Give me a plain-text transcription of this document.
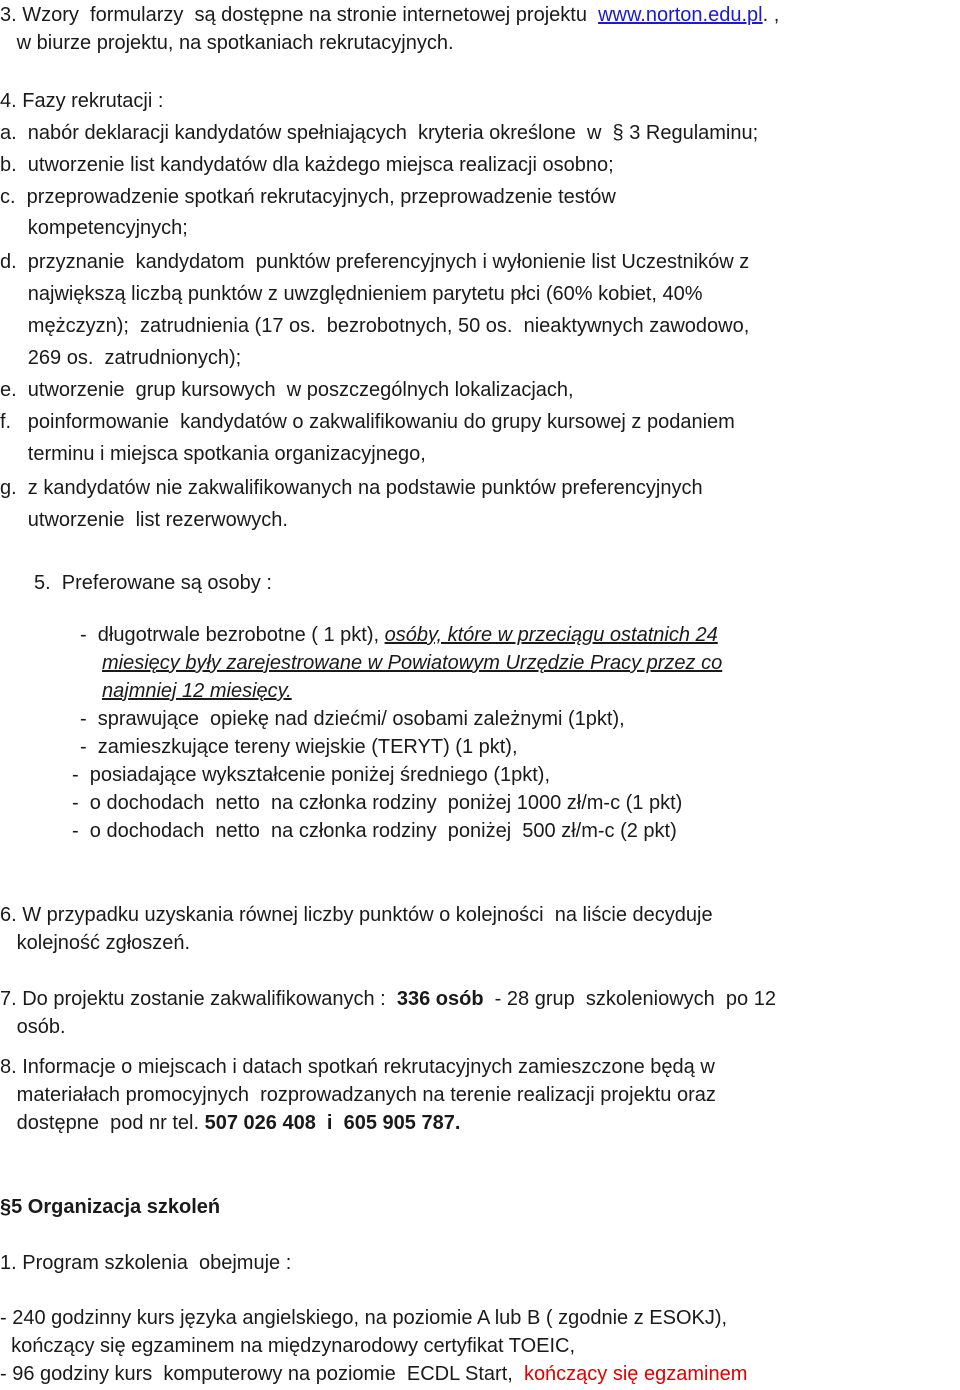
3. Wzory  formularzy  są dostępne na stronie internetowej projektu  www.norton.edu.pl. ,
w biurze projektu, na spotkaniach rekrutacyjnych.
4. Fazy rekrutacji :
a.  nabór deklaracji kandydatów spełniających  kryteria określone  w  § 3 Regulaminu;
b.  utworzenie list kandydatów dla każdego miejsca realizacji osobno;
c.  przeprowadzenie spotkań rekrutacyjnych, przeprowadzenie testów
kompetencyjnych;
d.  przyznanie  kandydatom  punktów preferencyjnych i wyłonienie list Uczestników z
największą liczbą punktów z uwzględnieniem parytetu płci (60% kobiet, 40%
mężczyzn);  zatrudnienia (17 os.  bezrobotnych, 50 os.  nieaktywnych zawodowo,
269 os.  zatrudnionych);
e.  utworzenie  grup kursowych  w poszczególnych lokalizacjach,
f.   poinformowanie  kandydatów o zakwalifikowaniu do grupy kursowej z podaniem
terminu i miejsca spotkania organizacyjnego,
g.  z kandydatów nie zakwalifikowanych na podstawie punktów preferencyjnych
utworzenie  list rezerwowych.
5.  Preferowane są osoby :
-  długotrwale bezrobotne ( 1 pkt), osóby, które w przeciągu ostatnich 24
miesięcy były zarejestrowane w Powiatowym Urzędzie Pracy przez co
najmniej 12 miesięcy.
-  sprawujące  opiekę nad dziećmi/ osobami zależnymi (1pkt),
-  zamieszkujące tereny wiejskie (TERYT) (1 pkt),
-  posiadające wykształcenie poniżej średniego (1pkt),
-  o dochodach  netto  na członka rodziny  poniżej 1000 zł/m-c (1 pkt)
-  o dochodach  netto  na członka rodziny  poniżej  500 zł/m-c (2 pkt)
6. W przypadku uzyskania równej liczby punktów o kolejności  na liście decyduje
kolejność zgłoszeń.
7. Do projektu zostanie zakwalifikowanych :  336 osób  - 28 grup  szkoleniowych  po 12
osób.
8. Informacje o miejscach i datach spotkań rekrutacyjnych zamieszczone będą w
materiałach promocyjnych  rozprowadzanych na terenie realizacji projektu oraz
dostępne  pod nr tel. 507 026 408  i  605 905 787.
§5 Organizacja szkoleń
1. Program szkolenia  obejmuje :
- 240 godzinny kurs języka angielskiego, na poziomie A lub B ( zgodnie z ESOKJ),
kończący się egzaminem na międzynarodowy certyfikat TOEIC,
- 96 godziny kurs  komputerowy na poziomie  ECDL Start,  kończący się egzaminem
